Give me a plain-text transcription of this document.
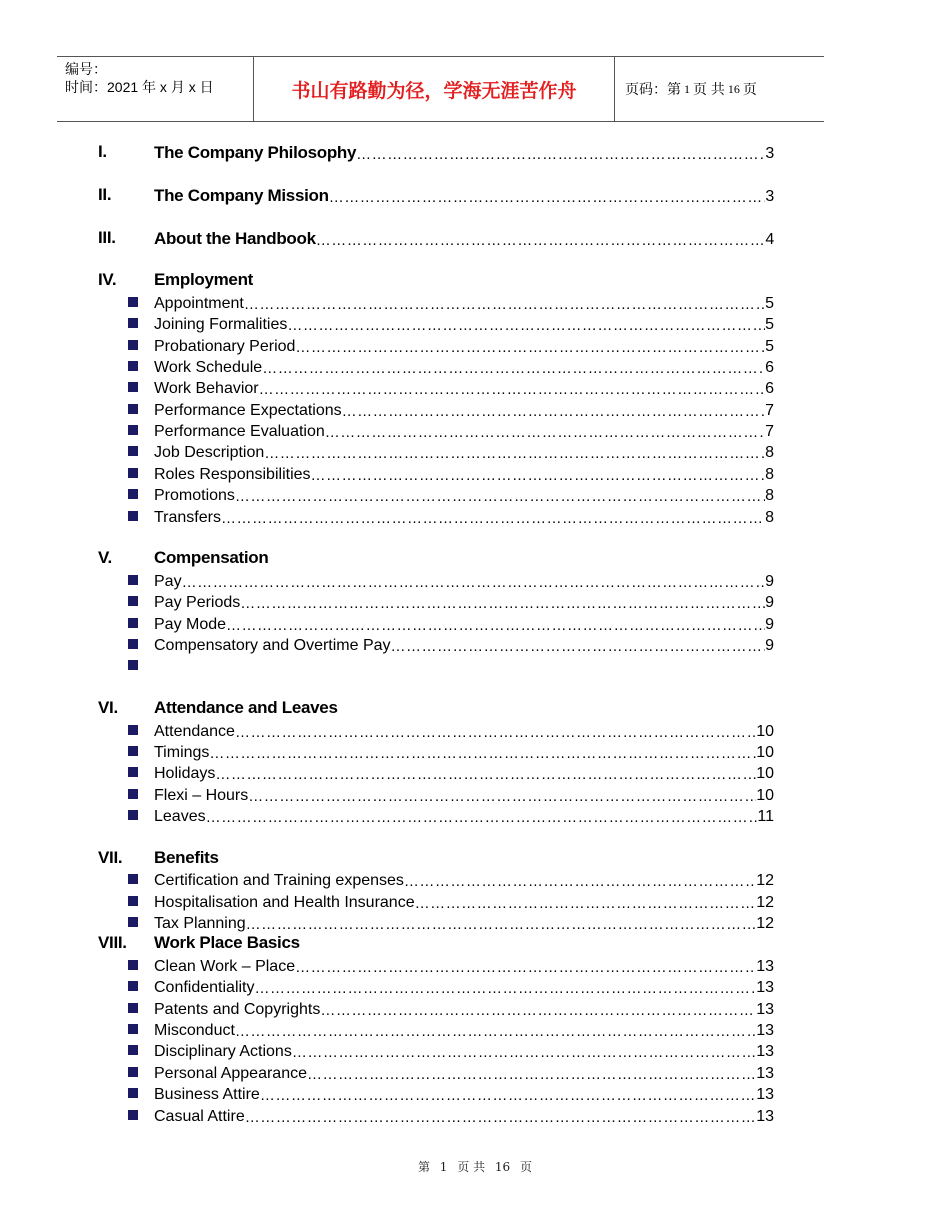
编号：
时间：2021 年 x 月 x 日	书山有路勤为径，学海无涯苦作舟	页码：第 1 页 共 16 页
I.	The Company Philosophy …………………………………………………………………………………………………………………………………………	3
II.	The Company Mission …………………………………………………………………………………………………………………………………………	3
III. About the Handbook …………………………………………………………………………………………………………………………………………	4
IV. Employment
Appointment …………………………………………………………………………………………………………………………………………	5
Joining Formalities …………………………………………………………………………………………………………………………………………	5
Probationary Period …………………………………………………………………………………………………………………………………………	5
Work Schedule …………………………………………………………………………………………………………………………………………	6
Work Behavior …………………………………………………………………………………………………………………………………………	6
Performance Expectations …………………………………………………………………………………………………………………………………………	7
Performance Evaluation …………………………………………………………………………………………………………………………………………	7
Job Description …………………………………………………………………………………………………………………………………………	8
Roles Responsibilities …………………………………………………………………………………………………………………………………………	8
Promotions …………………………………………………………………………………………………………………………………………	8
Transfers …………………………………………………………………………………………………………………………………………	8
V. Compensation
Pay …………………………………………………………………………………………………………………………………………	9
Pay Periods …………………………………………………………………………………………………………………………………………	9
Pay Mode …………………………………………………………………………………………………………………………………………	9
Compensatory and Overtime Pay …………………………………………………………………………………………………………………………………………	9
VI. Attendance and Leaves
Attendance …………………………………………………………………………………………………………………………………………	10
Timings …………………………………………………………………………………………………………………………………………	10
Holidays …………………………………………………………………………………………………………………………………………	10
Flexi – Hours …………………………………………………………………………………………………………………………………………	10
Leaves …………………………………………………………………………………………………………………………………………	11
VII. Benefits
Certification and Training expenses …………………………………………………………………………………………………………………………………………	12
Hospitalisation and Health Insurance …………………………………………………………………………………………………………………………………………	12
Tax Planning …………………………………………………………………………………………………………………………………………	12
VIII. Work Place Basics
Clean Work – Place …………………………………………………………………………………………………………………………………………	13
Confidentiality …………………………………………………………………………………………………………………………………………	13
Patents and Copyrights …………………………………………………………………………………………………………………………………………	13
Misconduct …………………………………………………………………………………………………………………………………………	13
Disciplinary Actions …………………………………………………………………………………………………………………………………………	13
Personal Appearance …………………………………………………………………………………………………………………………………………	13
Business Attire …………………………………………………………………………………………………………………………………………	13
Casual Attire …………………………………………………………………………………………………………………………………………	13
第 1 页 共 16 页
